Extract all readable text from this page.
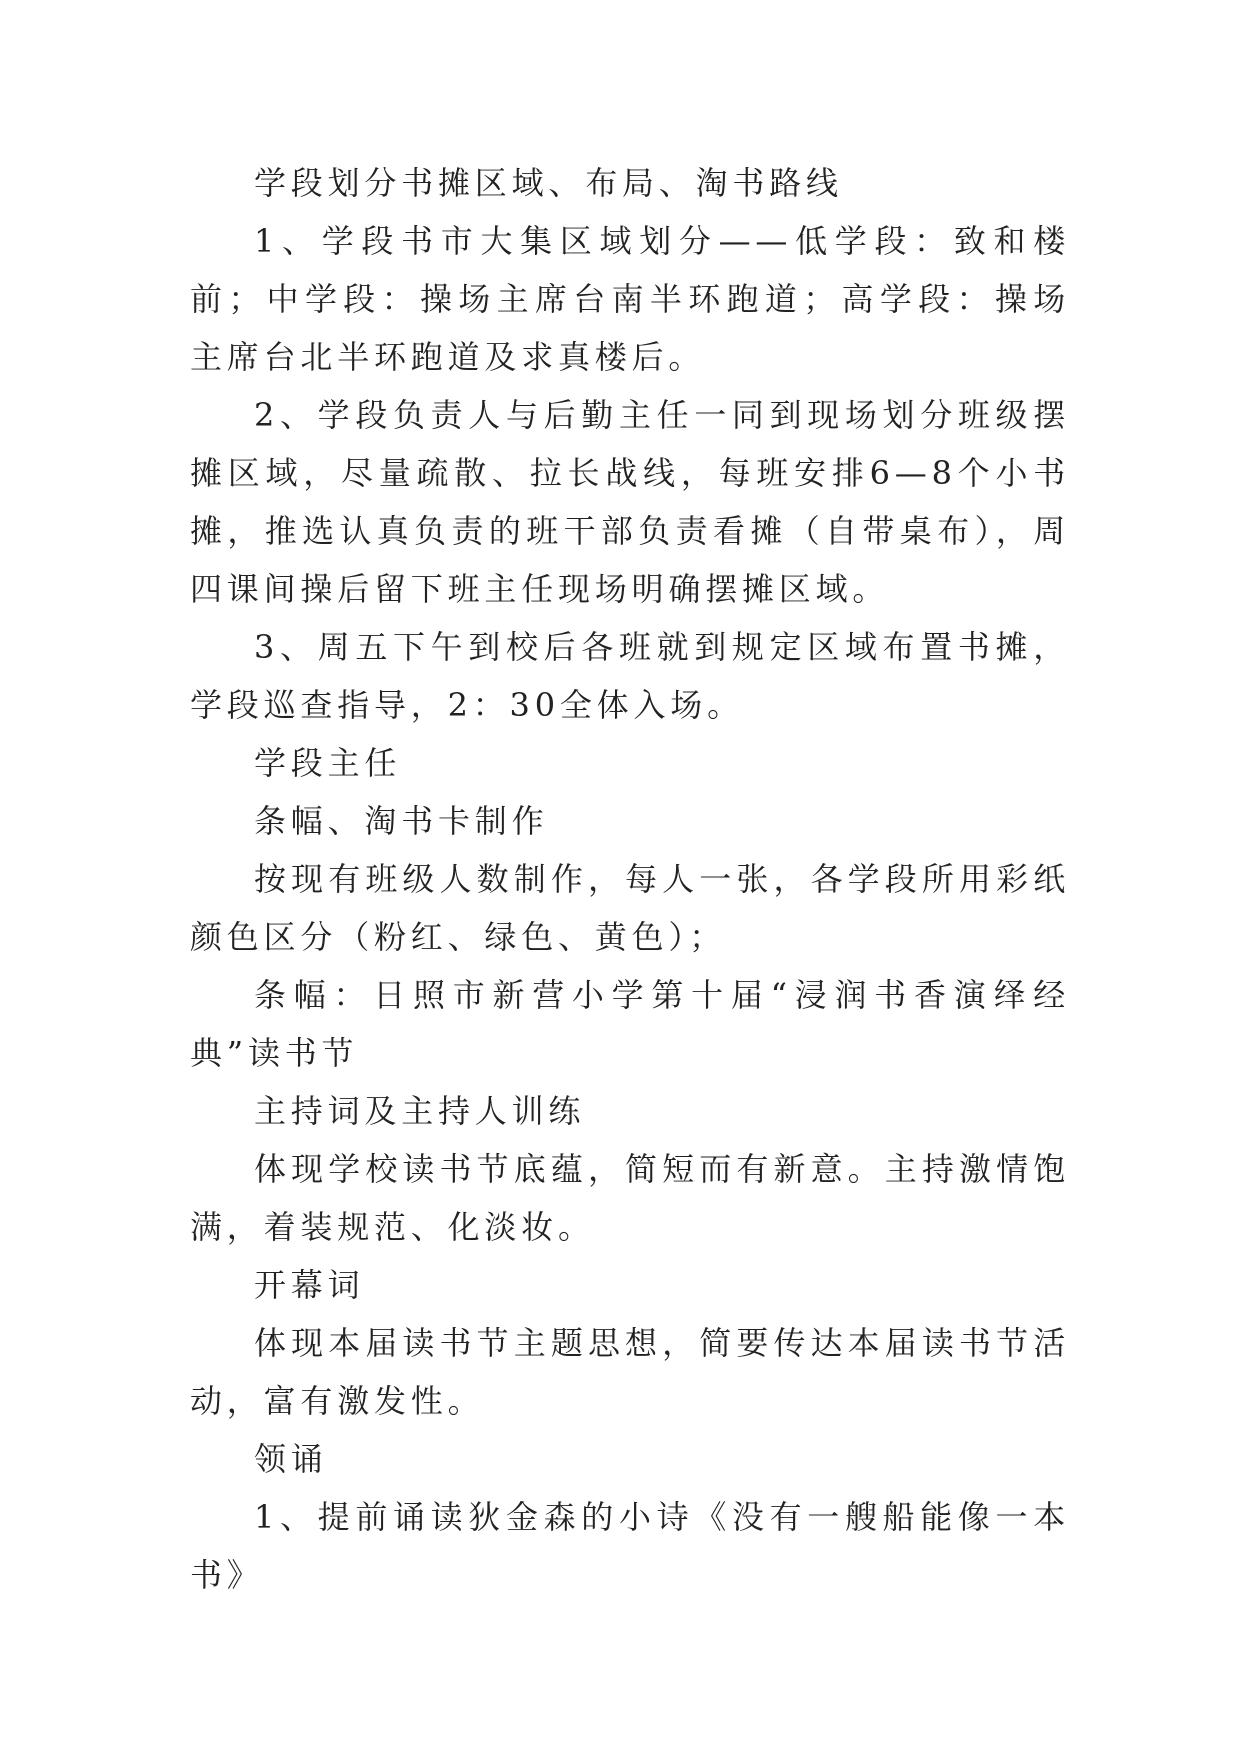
学段划分书摊区域、布局、淘书路线

1、学段书市大集区域划分——低学段：致和楼前；中学段：操场主席台南半环跑道；高学段：操场主席台北半环跑道及求真楼后。

2、学段负责人与后勤主任一同到现场划分班级摆摊区域，尽量疏散、拉长战线，每班安排6—8个小书摊，推选认真负责的班干部负责看摊（自带桌布），周四课间操后留下班主任现场明确摆摊区域。

3、周五下午到校后各班就到规定区域布置书摊，学段巡查指导，2：30全体入场。

学段主任

条幅、淘书卡制作

按现有班级人数制作，每人一张，各学段所用彩纸颜色区分（粉红、绿色、黄色）；

条幅：日照市新营小学第十届“浸润书香演绎经典”读书节

主持词及主持人训练

体现学校读书节底蕴，简短而有新意。主持激情饱满，着装规范、化淡妆。

开幕词

体现本届读书节主题思想，简要传达本届读书节活动，富有激发性。

领诵

1、提前诵读狄金森的小诗《没有一艘船能像一本书》
